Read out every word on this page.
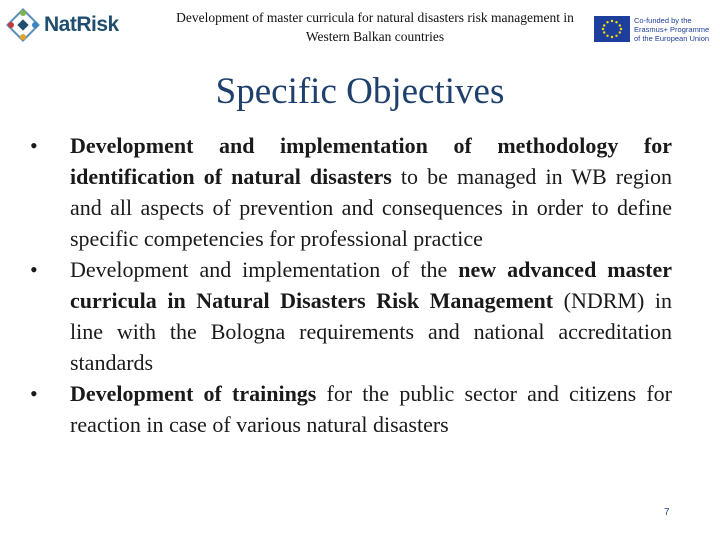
NatRisk	Development of master curricula for natural disasters risk management in Western Balkan countries
Co-funded by the Erasmus+ Programme of the European Union
Specific Objectives

•	Development and implementation of methodology for identification of natural disasters to be managed in WB region and all aspects of prevention and consequences in order to define specific competencies for professional practice

•	Development and implementation of the new advanced master curricula in Natural Disasters Risk Management (NDRM) in line with the Bologna requirements and national accreditation standards

•	Development of trainings for the public sector and citizens for reaction in case of various natural disasters

7
